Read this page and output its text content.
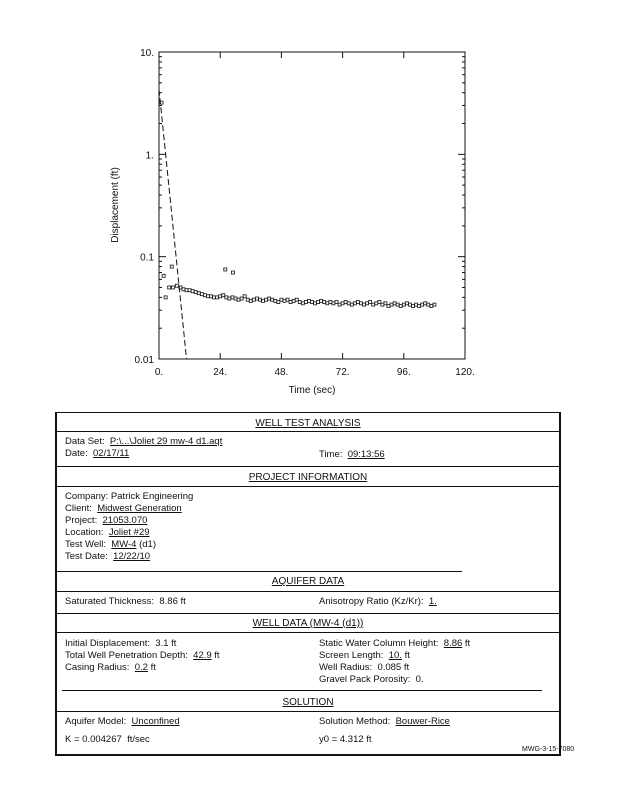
0.	24.	48.	72.	96.	120.
0.01
0.1
1.
10.
Time (sec)
Displacement (ft)
WELL TEST ANALYSIS
Data Set: P:\...\Joliet 29 mw-4 d1.aqt
Date: 02/17/11	Time: 09:13:56
PROJECT INFORMATION
Company: Patrick Engineering
Client: Midwest Generation
Project: 21053.070
Location: Joliet #29
Test Well: MW-4 (d1)
Test Date: 12/22/10
AQUIFER DATA
Saturated Thickness: 8.86 ft	Anisotropy Ratio (Kz/Kr): 1.
WELL DATA (MW-4 (d1))
Initial Displacement: 3.1 ft
Total Well Penetration Depth: 42.9 ft
Casing Radius: 0.2 ft
Static Water Column Height: 8.86 ft
Screen Length: 10. ft
Well Radius: 0.085 ft
Gravel Pack Porosity: 0.
SOLUTION
Aquifer Model: Unconfined	Solution Method: Bouwer-Rice
K = 0.004267 ft/sec	y0 = 4.312 ft
MWG-3-15-7080
